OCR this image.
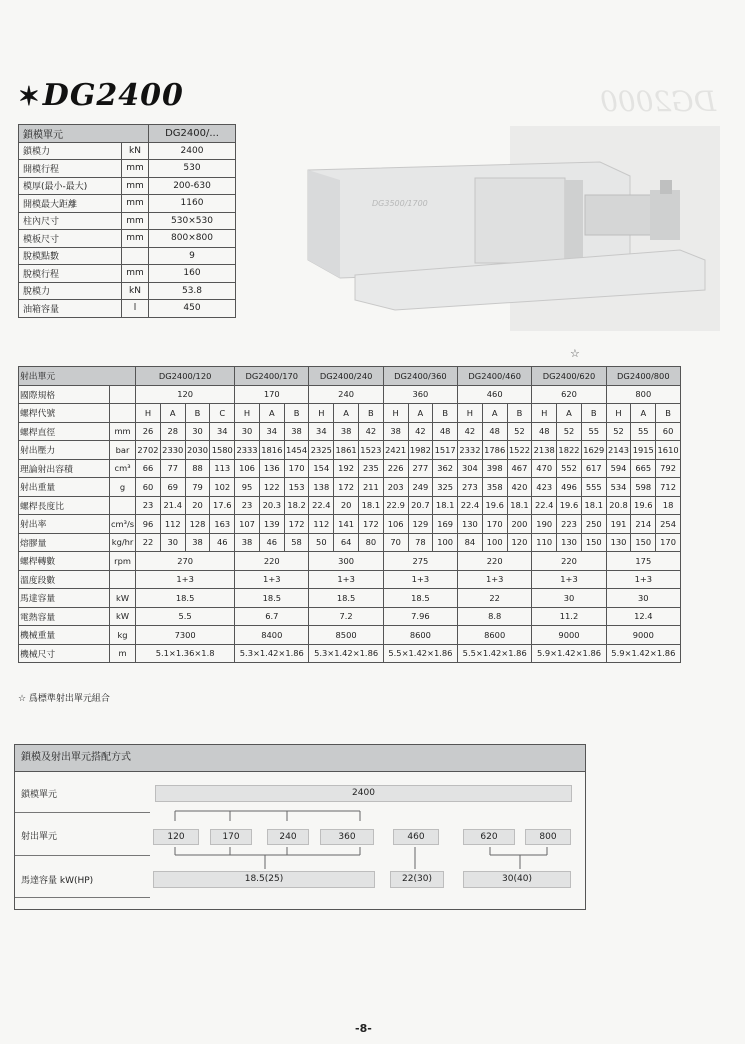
✶DG2400	DG2000
鎖模單元		DG2400/...
鎖模力	kN	2400
開模行程	mm	530
模厚(最小-最大)	mm	200-630
開模最大距離	mm	1160
柱內尺寸	mm	530×530
模板尺寸	mm	800×800
脫模點數		9
脫模行程	mm	160
脫模力	kN	53.8
油箱容量	l	450
DG3500/1700
☆
射出單元		DG2400/120				DG2400/170			DG2400/240			DG2400/360			DG2400/460			DG2400/620			DG2400/800		
國際規格		120				170			240			360			460			620			800		
螺桿代號		H	A	B	C	H	A	B	H	A	B	H	A	B	H	A	B	H	A	B	H	A	B
螺桿直徑	mm	26	28	30	34	30	34	38	34	38	42	38	42	48	42	48	52	48	52	55	52	55	60
射出壓力	bar	2702	2330	2030	1580	2333	1816	1454	2325	1861	1523	2421	1982	1517	2332	1786	1522	2138	1822	1629	2143	1915	1610
理論射出容積	cm³	66	77	88	113	106	136	170	154	192	235	226	277	362	304	398	467	470	552	617	594	665	792
射出重量	g	60	69	79	102	95	122	153	138	172	211	203	249	325	273	358	420	423	496	555	534	598	712
螺桿長度比		23	21.4	20	17.6	23	20.3	18.2	22.4	20	18.1	22.9	20.7	18.1	22.4	19.6	18.1	22.4	19.6	18.1	20.8	19.6	18
射出率	cm³/s	96	112	128	163	107	139	172	112	141	172	106	129	169	130	170	200	190	223	250	191	214	254
熔膠量	kg/hr	22	30	38	46	38	46	58	50	64	80	70	78	100	84	100	120	110	130	150	130	150	170
螺桿轉數	rpm	270				220			300			275			220			220			175		
溫度段數		1+3				1+3			1+3			1+3			1+3			1+3			1+3		
馬達容量	kW	18.5				18.5			18.5			18.5			22			30			30		
電熱容量	kW	5.5				6.7			7.2			7.96			8.8			11.2			12.4		
機械重量	kg	7300				8400			8500			8600			8600			9000			9000		
機械尺寸	m	5.1×1.36×1.8				5.3×1.42×1.86			5.3×1.42×1.86			5.5×1.42×1.86			5.5×1.42×1.86			5.9×1.42×1.86			5.9×1.42×1.86		
☆ 爲標準射出單元組合
鎖模及射出單元搭配方式
鎖模單元
射出單元
馬達容量 kW(HP)
2400
120	170	240	360	460	620	800
18.5(25)	22(30)	30(40)
-8-
